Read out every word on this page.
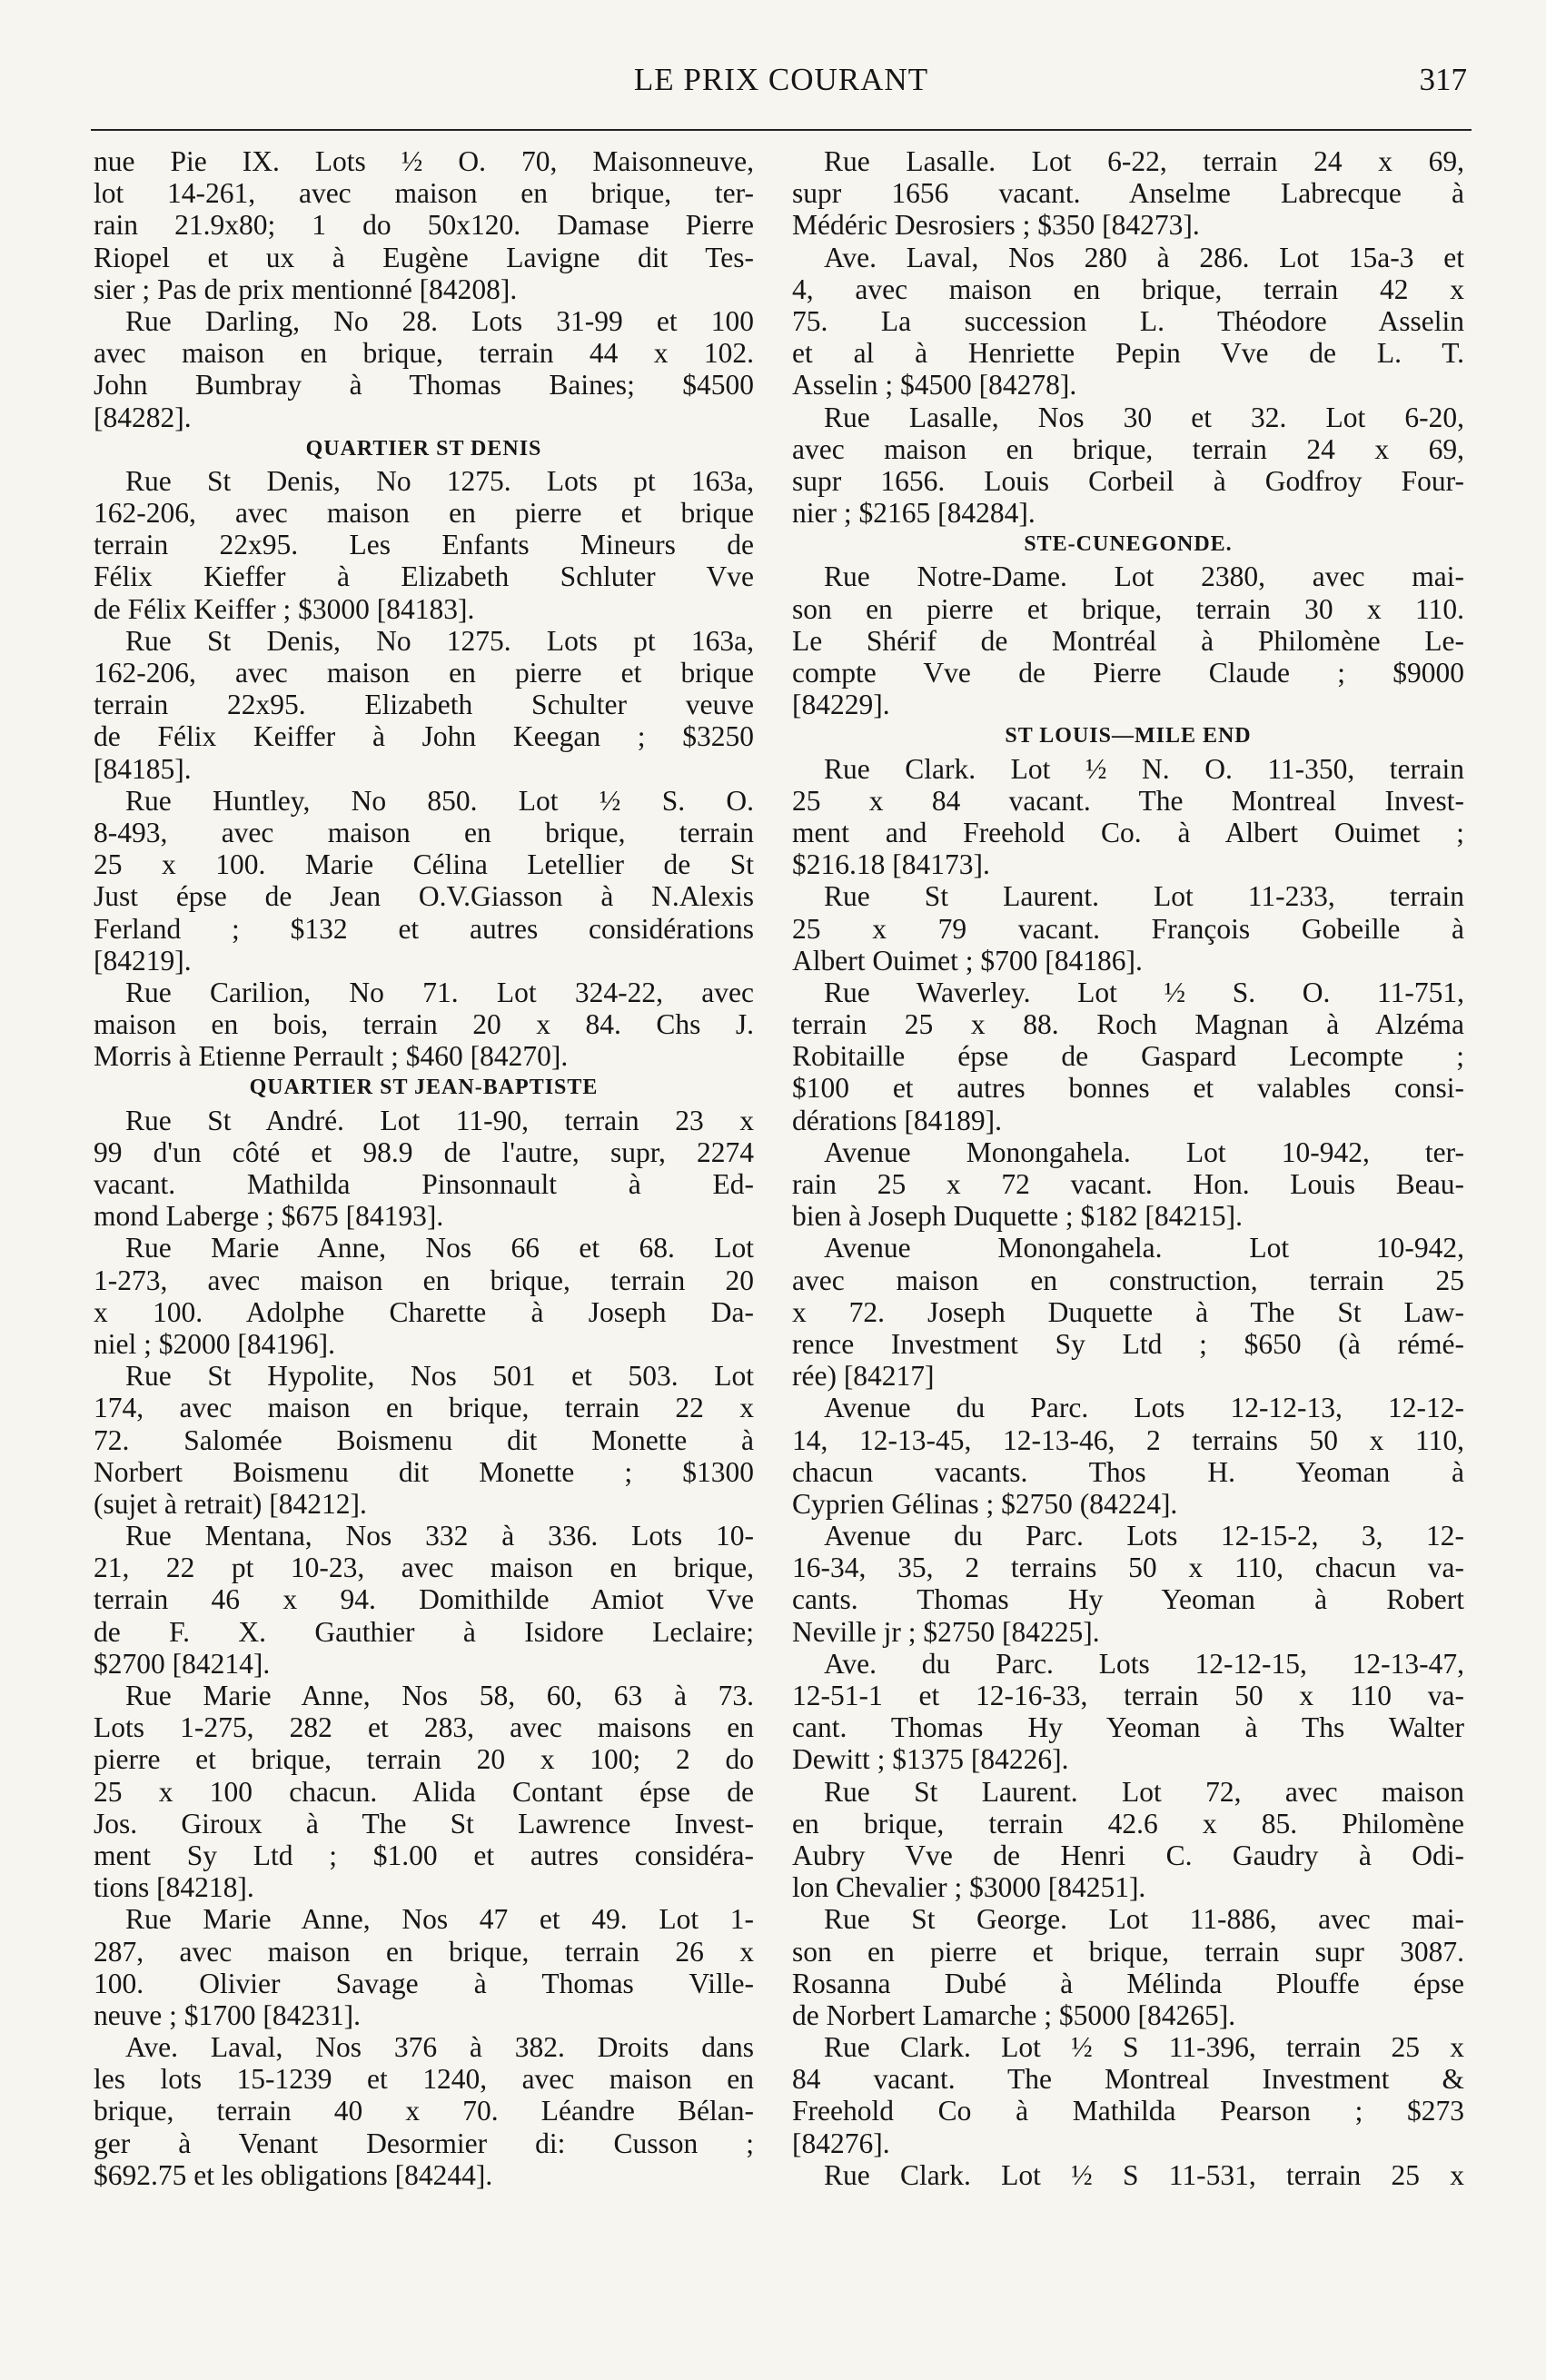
LE PRIX COURANT	317
nue Pie IX. Lots ½ O. 70, Maisonneuve,
lot 14-261, avec maison en brique, ter-
rain 21.9x80; 1 do 50x120. Damase Pierre
Riopel et ux à Eugène Lavigne dit Tes-
sier ; Pas de prix mentionné [84208].
Rue Darling, No 28. Lots 31-99 et 100
avec maison en brique, terrain 44 x 102.
John Bumbray à Thomas Baines; $4500
[84282].
QUARTIER ST DENIS
Rue St Denis, No 1275. Lots pt 163a,
162-206, avec maison en pierre et brique
terrain 22x95. Les Enfants Mineurs de
Félix Kieffer à Elizabeth Schluter Vve
de Félix Keiffer ; $3000 [84183].
Rue St Denis, No 1275. Lots pt 163a,
162-206, avec maison en pierre et brique
terrain 22x95. Elizabeth Schulter veuve
de Félix Keiffer à John Keegan ; $3250
[84185].
Rue Huntley, No 850. Lot ½ S. O.
8-493, avec maison en brique, terrain
25 x 100. Marie Célina Letellier de St
Just épse de Jean O.V.Giasson à N.Alexis
Ferland ; $132 et autres considérations
[84219].
Rue Carilion, No 71. Lot 324-22, avec
maison en bois, terrain 20 x 84. Chs J.
Morris à Etienne Perrault ; $460 [84270].
QUARTIER ST JEAN-BAPTISTE
Rue St André. Lot 11-90, terrain 23 x
99 d'un côté et 98.9 de l'autre, supr, 2274
vacant. Mathilda Pinsonnault à Ed-
mond Laberge ; $675 [84193].
Rue Marie Anne, Nos 66 et 68. Lot
1-273, avec maison en brique, terrain 20
x 100. Adolphe Charette à Joseph Da-
niel ; $2000 [84196].
Rue St Hypolite, Nos 501 et 503. Lot
174, avec maison en brique, terrain 22 x
72. Salomée Boismenu dit Monette à
Norbert Boismenu dit Monette ; $1300
(sujet à retrait) [84212].
Rue Mentana, Nos 332 à 336. Lots 10-
21, 22 pt 10-23, avec maison en brique,
terrain 46 x 94. Domithilde Amiot Vve
de F. X. Gauthier à Isidore Leclaire;
$2700 [84214].
Rue Marie Anne, Nos 58, 60, 63 à 73.
Lots 1-275, 282 et 283, avec maisons en
pierre et brique, terrain 20 x 100; 2 do
25 x 100 chacun. Alida Contant épse de
Jos. Giroux à The St Lawrence Invest-
ment Sy Ltd ; $1.00 et autres considéra-
tions [84218].
Rue Marie Anne, Nos 47 et 49. Lot 1-
287, avec maison en brique, terrain 26 x
100. Olivier Savage à Thomas Ville-
neuve ; $1700 [84231].
Ave. Laval, Nos 376 à 382. Droits dans
les lots 15-1239 et 1240, avec maison en
brique, terrain 40 x 70. Léandre Bélan-
ger à Venant Desormier di: Cusson ;
$692.75 et les obligations [84244].
Rue Lasalle. Lot 6-22, terrain 24 x 69,
supr 1656 vacant. Anselme Labrecque à
Médéric Desrosiers ; $350 [84273].
Ave. Laval, Nos 280 à 286. Lot 15a-3 et
4, avec maison en brique, terrain 42 x
75. La succession L. Théodore Asselin
et al à Henriette Pepin Vve de L. T.
Asselin ; $4500 [84278].
Rue Lasalle, Nos 30 et 32. Lot 6-20,
avec maison en brique, terrain 24 x 69,
supr 1656. Louis Corbeil à Godfroy Four-
nier ; $2165 [84284].
STE-CUNEGONDE.
Rue Notre-Dame. Lot 2380, avec mai-
son en pierre et brique, terrain 30 x 110.
Le Shérif de Montréal à Philomène Le-
compte Vve de Pierre Claude ; $9000
[84229].
ST LOUIS—MILE END
Rue Clark. Lot ½ N. O. 11-350, terrain
25 x 84 vacant. The Montreal Invest-
ment and Freehold Co. à Albert Ouimet ;
$216.18 [84173].
Rue St Laurent. Lot 11-233, terrain
25 x 79 vacant. François Gobeille à
Albert Ouimet ; $700 [84186].
Rue Waverley. Lot ½ S. O. 11-751,
terrain 25 x 88. Roch Magnan à Alzéma
Robitaille épse de Gaspard Lecompte ;
$100 et autres bonnes et valables consi-
dérations [84189].
Avenue Monongahela. Lot 10-942, ter-
rain 25 x 72 vacant. Hon. Louis Beau-
bien à Joseph Duquette ; $182 [84215].
Avenue Monongahela. Lot 10-942,
avec maison en construction, terrain 25
x 72. Joseph Duquette à The St Law-
rence Investment Sy Ltd ; $650 (à rémé-
rée) [84217]
Avenue du Parc. Lots 12-12-13, 12-12-
14, 12-13-45, 12-13-46, 2 terrains 50 x 110,
chacun vacants. Thos H. Yeoman à
Cyprien Gélinas ; $2750 (84224].
Avenue du Parc. Lots 12-15-2, 3, 12-
16-34, 35, 2 terrains 50 x 110, chacun va-
cants. Thomas Hy Yeoman à Robert
Neville jr ; $2750 [84225].
Ave. du Parc. Lots 12-12-15, 12-13-47,
12-51-1 et 12-16-33, terrain 50 x 110 va-
cant. Thomas Hy Yeoman à Ths Walter
Dewitt ; $1375 [84226].
Rue St Laurent. Lot 72, avec maison
en brique, terrain 42.6 x 85. Philomène
Aubry Vve de Henri C. Gaudry à Odi-
lon Chevalier ; $3000 [84251].
Rue St George. Lot 11-886, avec mai-
son en pierre et brique, terrain supr 3087.
Rosanna Dubé à Mélinda Plouffe épse
de Norbert Lamarche ; $5000 [84265].
Rue Clark. Lot ½ S 11-396, terrain 25 x
84 vacant. The Montreal Investment &
Freehold Co à Mathilda Pearson ; $273
[84276].
Rue Clark. Lot ½ S 11-531, terrain 25 x
